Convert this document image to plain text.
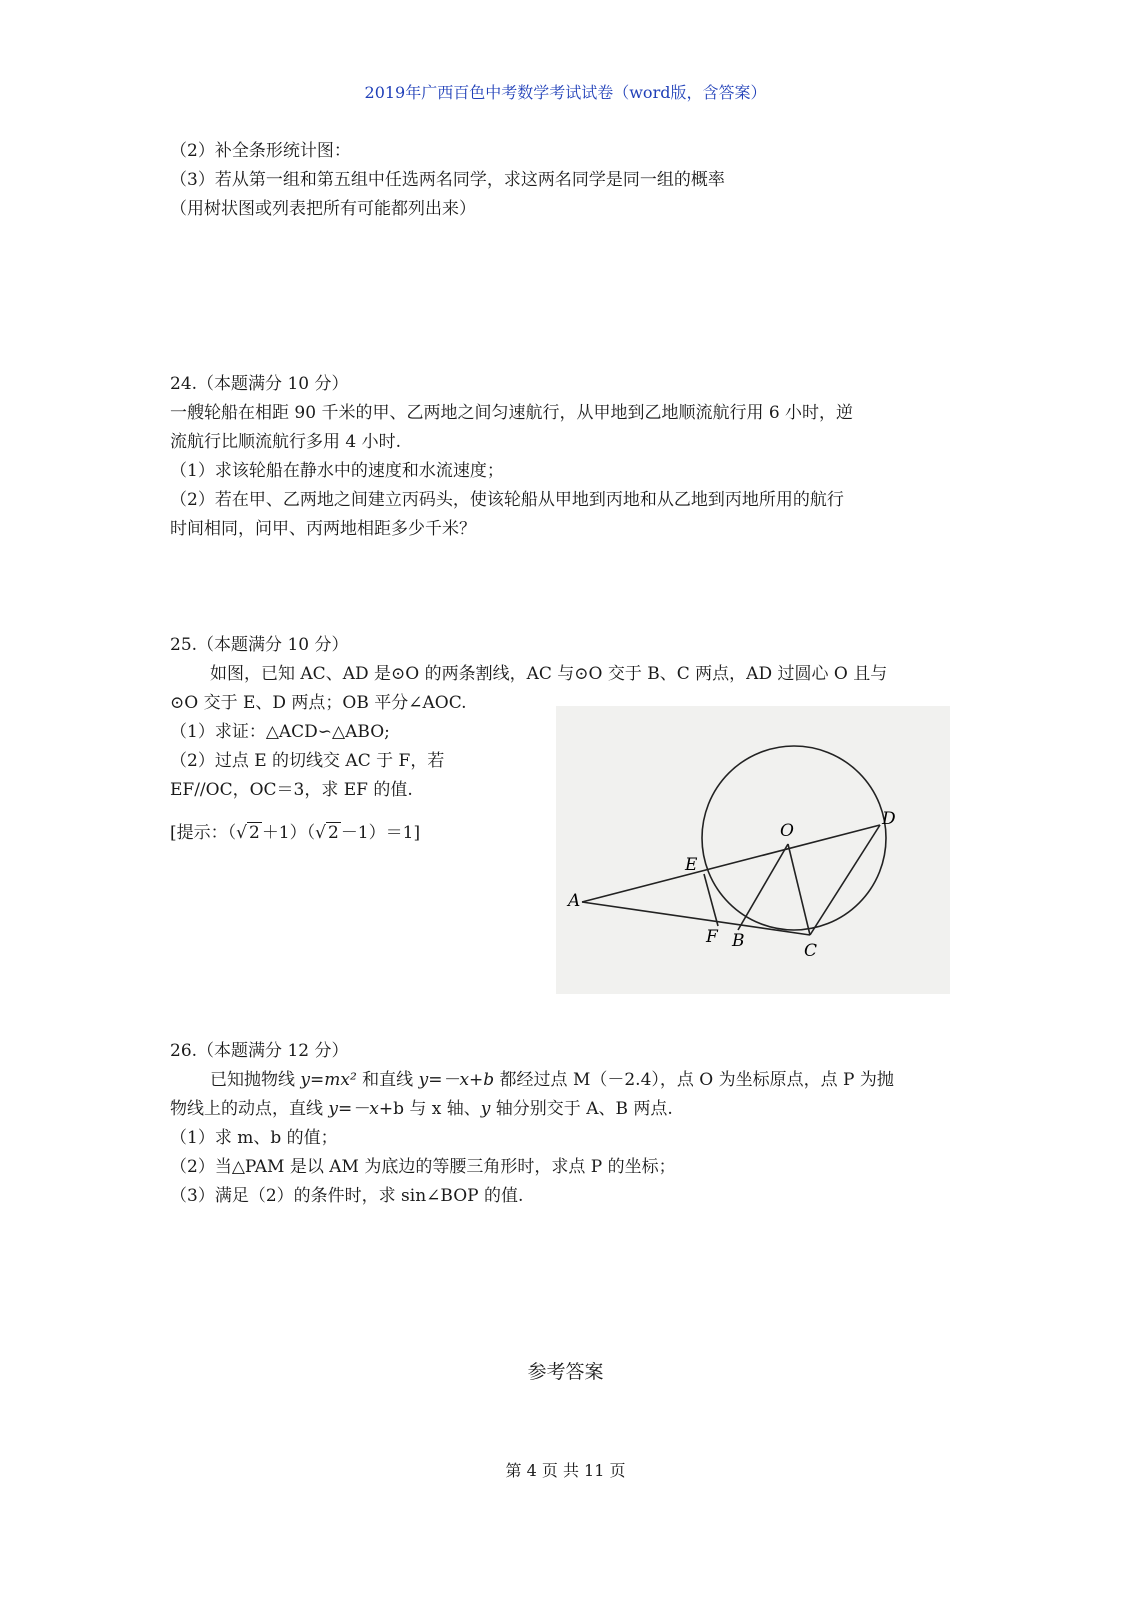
2019年广西百色中考数学考试试卷（word版，含答案）
（2）补全条形统计图：
（3）若从第一组和第五组中任选两名同学，求这两名同学是同一组的概率
（用树状图或列表把所有可能都列出来）
24.（本题满分 10 分）
一艘轮船在相距 90 千米的甲、乙两地之间匀速航行，从甲地到乙地顺流航行用 6 小时，逆
流航行比顺流航行多用 4 小时.
（1）求该轮船在静水中的速度和水流速度；
（2）若在甲、乙两地之间建立丙码头，使该轮船从甲地到丙地和从乙地到丙地所用的航行
时间相同，问甲、丙两地相距多少千米？
25.（本题满分 10 分）
如图，已知 AC、AD 是⊙O 的两条割线，AC 与⊙O 交于 B、C 两点，AD 过圆心 O 且与
⊙O 交于 E、D 两点；OB 平分∠AOC.
（1）求证：△ACD∽△ABO;
（2）过点 E 的切线交 AC 于 F，若
EF//OC，OC＝3，求 EF 的值.
[提示：（√ 2 ＋1）（√ 2 －1）＝1]
A
E
O
D
F B	C
26.（本题满分 12 分）
已知抛物线 y=mx² 和直线 y=－x+b 都经过点 M（－2.4），点 O 为坐标原点，点 P 为抛
物线上的动点，直线 y=－x+b 与 x 轴、y 轴分别交于 A、B 两点.
（1）求 m、b 的值；
（2）当△PAM 是以 AM 为底边的等腰三角形时，求点 P 的坐标；
（3）满足（2）的条件时，求 sin∠BOP 的值.
参考答案
第 4 页 共 11 页
